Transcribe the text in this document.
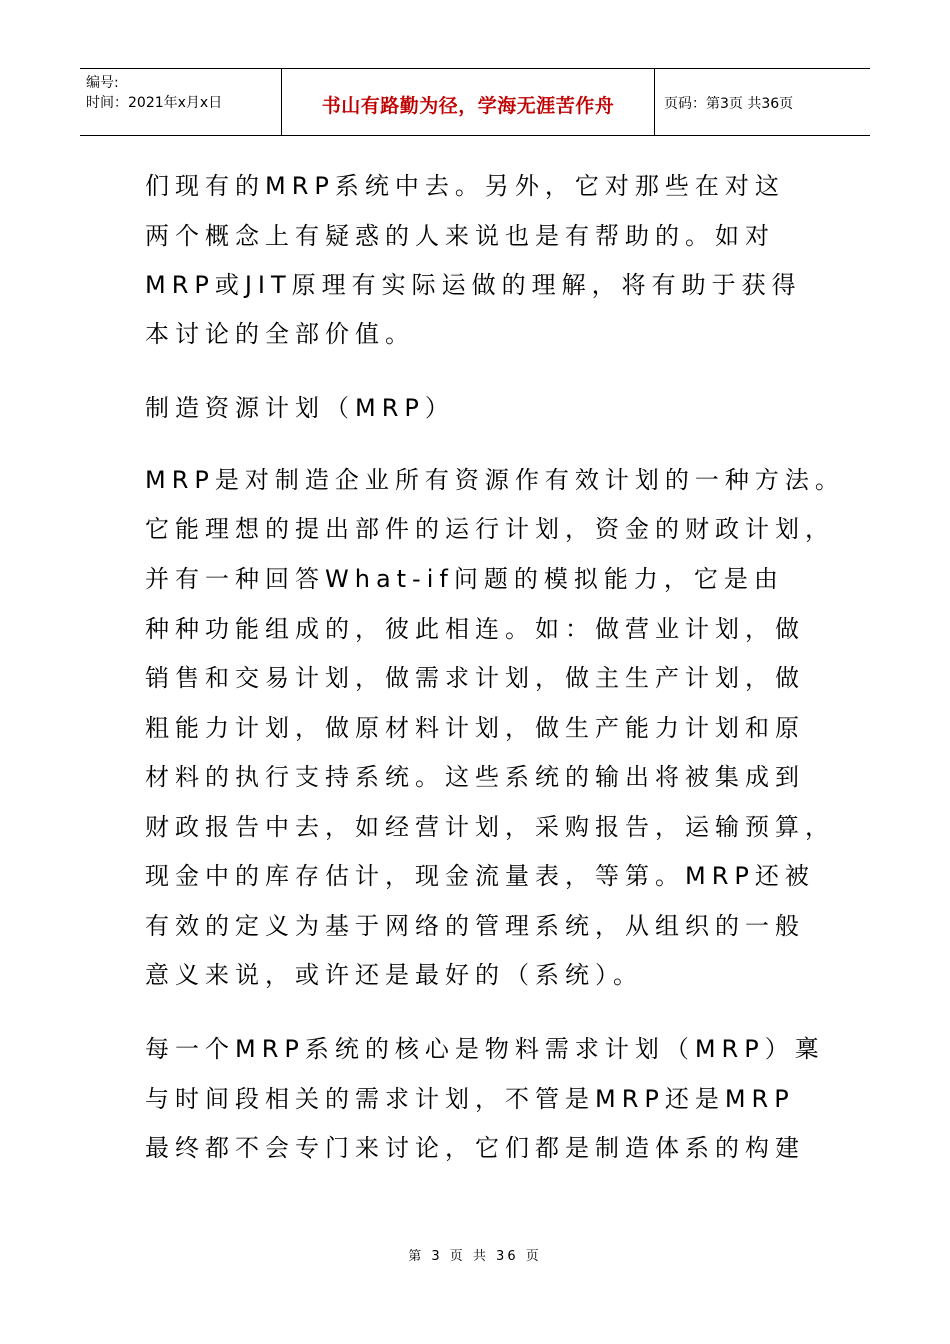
编号:
时间：2021年x月x日	书山有路勤为径，学海无涯苦作舟	页码：第3页 共36页
们现有的MRP系统中去。另外，它对那些在对这
两个概念上有疑惑的人来说也是有帮助的。如对
MRP或JIT原理有实际运做的理解，将有助于获得
本讨论的全部价值。
制造资源计划（MRP）
MRP是对制造企业所有资源作有效计划的一种方法。
它能理想的提出部件的运行计划，资金的财政计划，
并有一种回答What-if问题的模拟能力，它是由
种种功能组成的，彼此相连。如：做营业计划，做
销售和交易计划，做需求计划，做主生产计划，做
粗能力计划，做原材料计划，做生产能力计划和原
材料的执行支持系统。这些系统的输出将被集成到
财政报告中去，如经营计划，采购报告，运输预算，
现金中的库存估计，现金流量表，等第。MRP还被
有效的定义为基于网络的管理系统，从组织的一般
意义来说，或许还是最好的（系统）。
每一个MRP系统的核心是物料需求计划（MRP）稟
与时间段相关的需求计划，不管是MRP还是MRP
最终都不会专门来讨论，它们都是制造体系的构建
第 3 页 共 36 页
